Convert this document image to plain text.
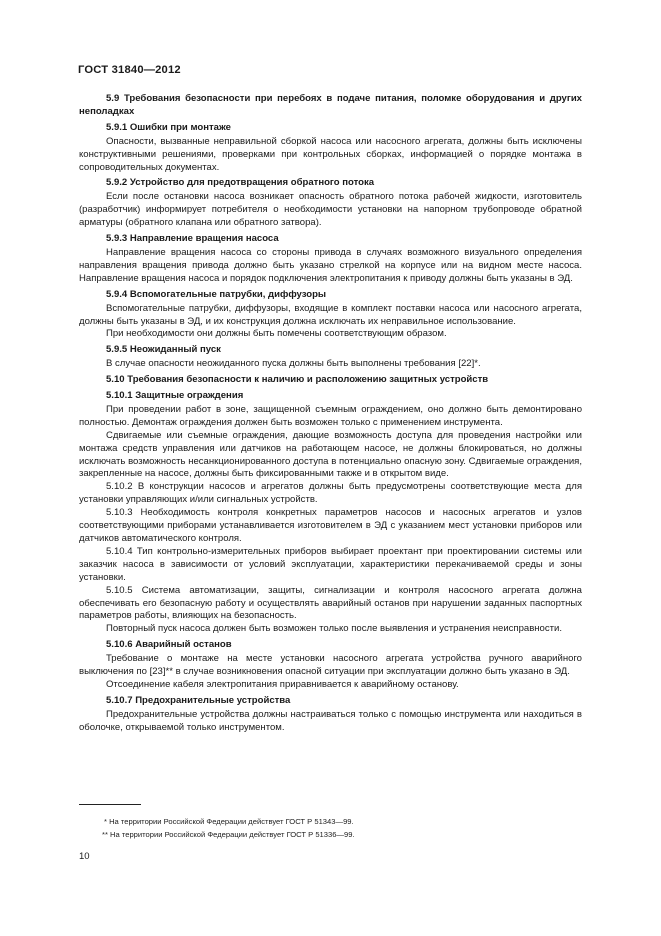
ГОСТ 31840—2012

5.9 Требования безопасности при перебоях в подаче питания, поломке оборудования и других неполадках

5.9.1 Ошибки при монтаже

Опасности, вызванные неправильной сборкой насоса или насосного агрегата, должны быть исключены конструктивными решениями, проверками при контрольных сборках, информацией о порядке монтажа в сопроводительных документах.

5.9.2 Устройство для предотвращения обратного потока

Если после остановки насоса возникает опасность обратного потока рабочей жидкости, изготовитель (разработчик) информирует потребителя о необходимости установки на напорном трубопроводе обратной арматуры (обратного клапана или обратного затвора).

5.9.3 Направление вращения насоса

Направление вращения насоса со стороны привода в случаях возможного визуального определения направления вращения привода должно быть указано стрелкой на корпусе или на видном месте насоса. Направление вращения насоса и порядок подключения электропитания к приводу должны быть указаны в ЭД.

5.9.4 Вспомогательные патрубки, диффузоры

Вспомогательные патрубки, диффузоры, входящие в комплект поставки насоса или насосного агрегата, должны быть указаны в ЭД, и их конструкция должна исключать их неправильное использование.

При необходимости они должны быть помечены соответствующим образом.

5.9.5 Неожиданный пуск

В случае опасности неожиданного пуска должны быть выполнены требования [22]*.

5.10 Требования безопасности к наличию и расположению защитных устройств

5.10.1 Защитные ограждения

При проведении работ в зоне, защищенной съемным ограждением, оно должно быть демонтировано полностью. Демонтаж ограждения должен быть возможен только с применением инструмента.

Сдвигаемые или съемные ограждения, дающие возможность доступа для проведения настройки или монтажа средств управления или датчиков на работающем насосе, не должны блокироваться, но должны исключать возможность несанкционированного доступа в потенциально опасную зону. Сдвигаемые ограждения, закрепленные на насосе, должны быть фиксированными также и в открытом виде.

5.10.2 В конструкции насосов и агрегатов должны быть предусмотрены соответствующие места для установки управляющих и/или сигнальных устройств.

5.10.3 Необходимость контроля конкретных параметров насосов и насосных агрегатов и узлов соответствующими приборами устанавливается изготовителем в ЭД с указанием мест установки приборов или датчиков автоматического контроля.

5.10.4 Тип контрольно-измерительных приборов выбирает проектант при проектировании системы или заказчик насоса в зависимости от условий эксплуатации, характеристики перекачиваемой среды и зоны установки.

5.10.5 Система автоматизации, защиты, сигнализации и контроля насосного агрегата должна обеспечивать его безопасную работу и осуществлять аварийный останов при нарушении заданных паспортных параметров работы, влияющих на безопасность.

Повторный пуск насоса должен быть возможен только после выявления и устранения неисправности.

5.10.6 Аварийный останов

Требование о монтаже на месте установки насосного агрегата устройства ручного аварийного выключения по [23]** в случае возникновения опасной ситуации при эксплуатации должно быть указано в ЭД.

Отсоединение кабеля электропитания приравнивается к аварийному останову.

5.10.7 Предохранительные устройства

Предохранительные устройства должны настраиваться только с помощью инструмента или находиться в оболочке, открываемой только инструментом.

* На территории Российской Федерации действует ГОСТ Р 51343—99.
** На территории Российской Федерации действует ГОСТ Р 51336—99.
10
